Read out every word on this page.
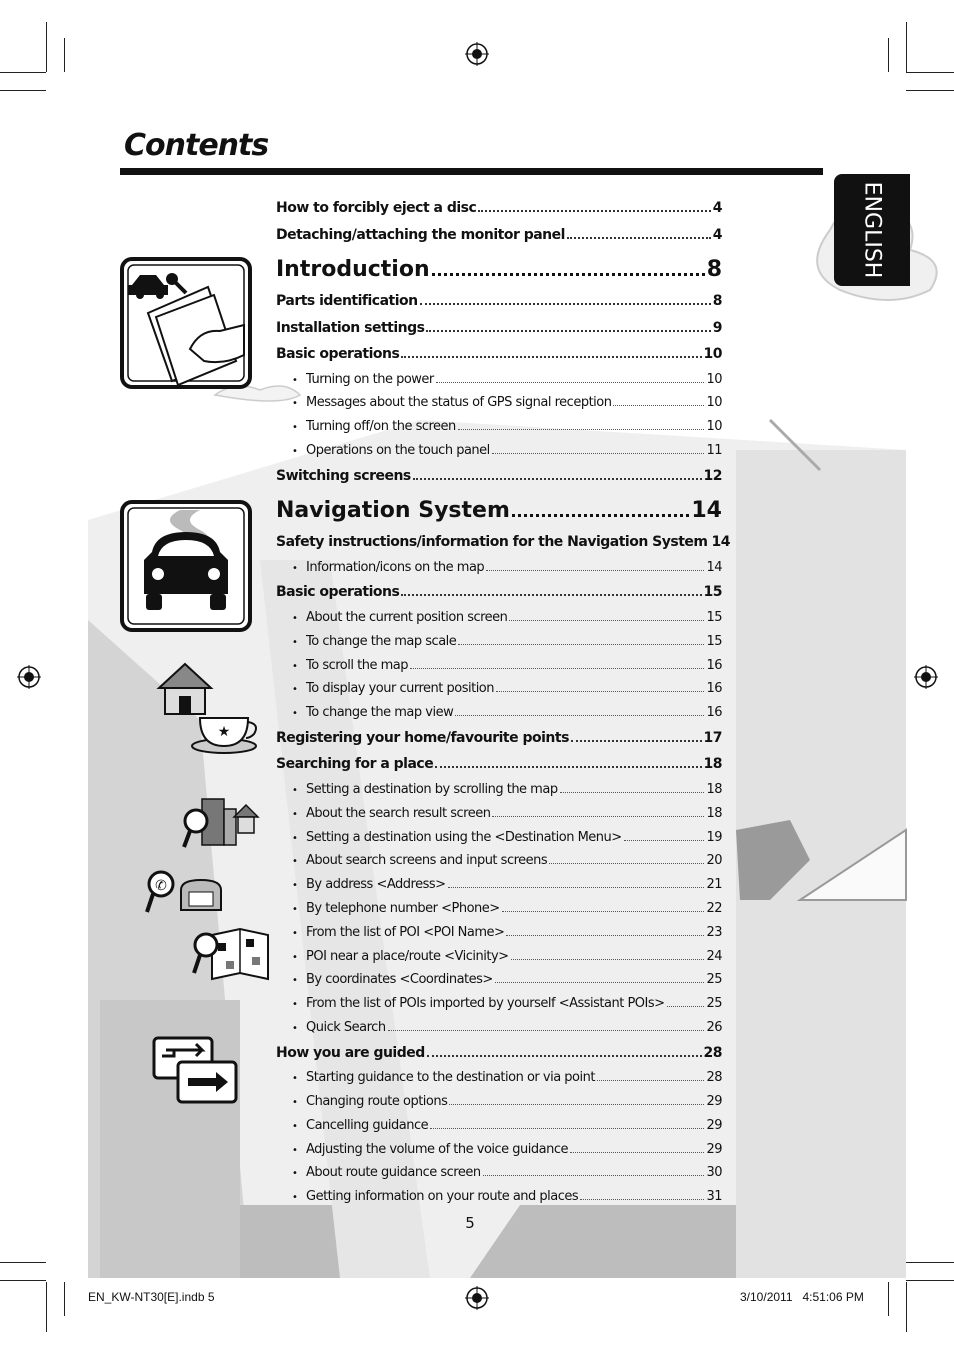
Contents
ENGLISH
★
✆
How to forcibly eject a disc	4
Detaching/attaching the monitor panel	4
Introduction	8
Parts identification	8
Installation settings	9
Basic operations	10
• Turning on the power	10
• Messages about the status of GPS signal reception	10
• Turning off/on the screen	10
• Operations on the touch panel	11
Switching screens	12
Navigation System	14
Safety instructions/information for the Navigation System 14
• Information/icons on the map	14
Basic operations	15
• About the current position screen	15
• To change the map scale	15
• To scroll the map	16
• To display your current position	16
• To change the map view	16
Registering your home/favourite points	17
Searching for a place	18
• Setting a destination by scrolling the map	18
• About the search result screen	18
• Setting a destination using the <Destination Menu>	19
• About search screens and input screens	20
• By address <Address>	21
• By telephone number <Phone>	22
• From the list of POI <POI Name>	23
• POI near a place/route <Vicinity>	24
• By coordinates <Coordinates>	25
• From the list of POIs imported by yourself <Assistant POIs>	25
• Quick Search	26
How you are guided	28
• Starting guidance to the destination or via point	28
• Changing route options	29
• Cancelling guidance	29
• Adjusting the volume of the voice guidance	29
• About route guidance screen	30
• Getting information on your route and places	31
5
EN_KW-NT30[E].indb 5	3/10/2011   4:51:06 PM
